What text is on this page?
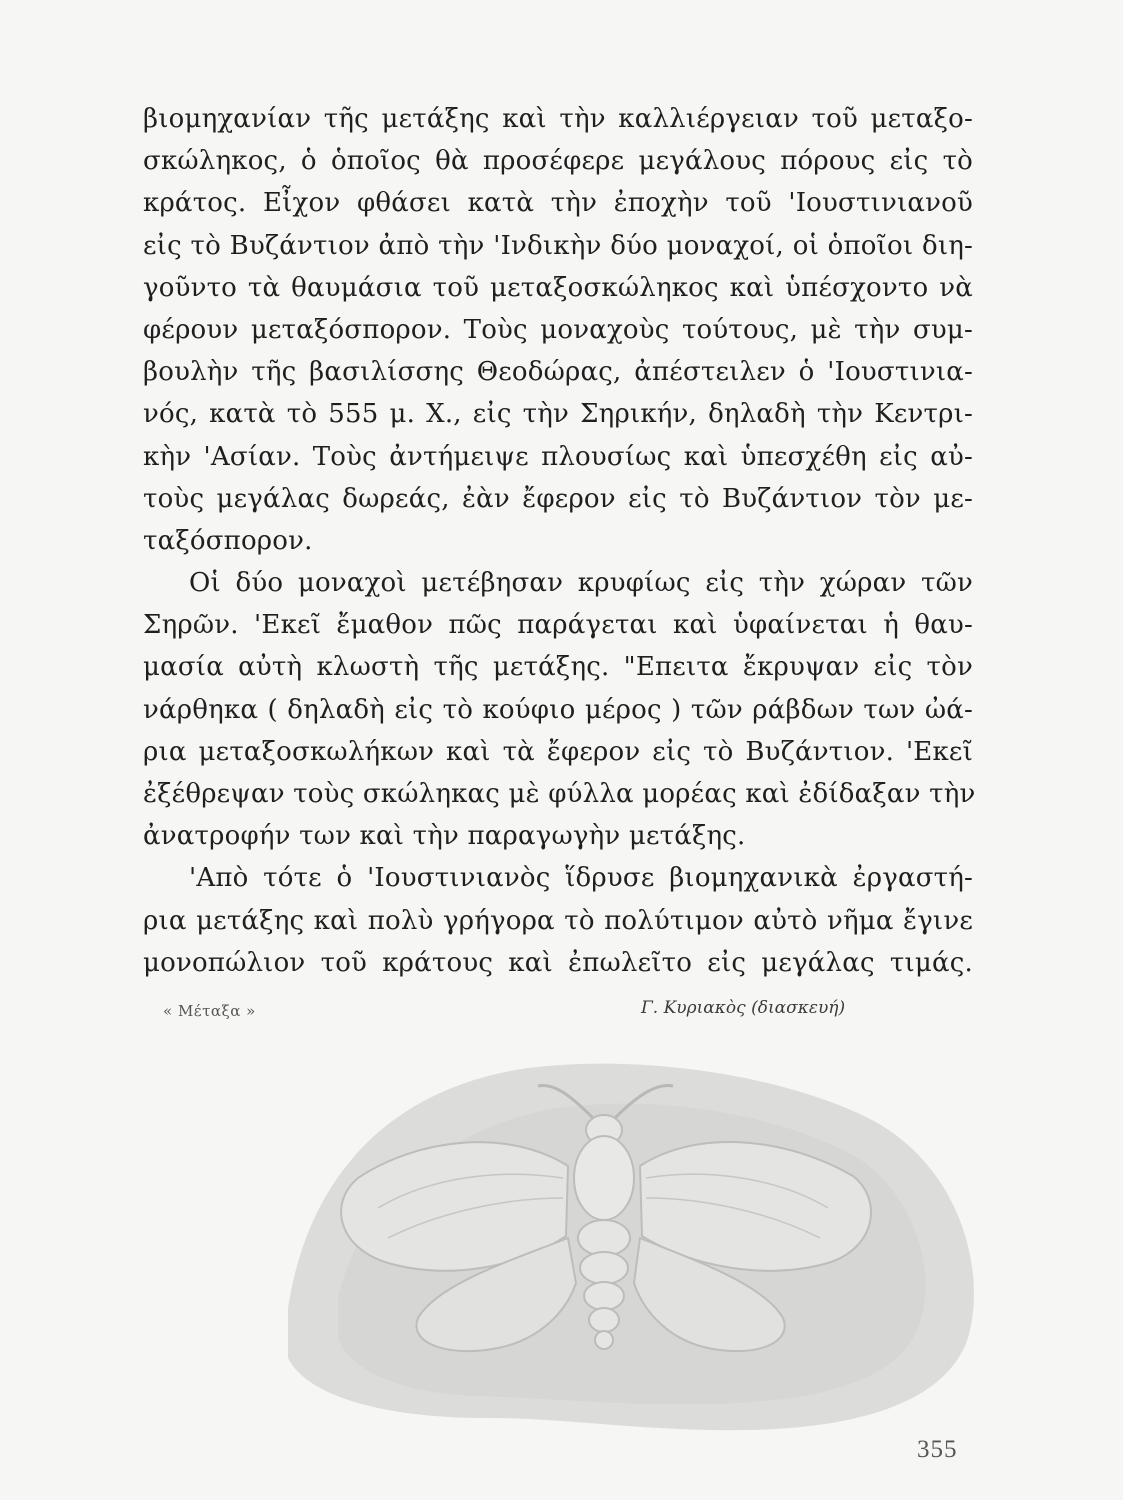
βιομηχανίαν τῆς μετάξης καὶ τὴν καλλιέργειαν τοῦ μεταξο-
σκώληκος, ὁ ὁποῖος θὰ προσέφερε μεγάλους πόρους εἰς τὸ
κράτος. Εἶχον φθάσει κατὰ τὴν ἐποχὴν τοῦ 'Ιουστινιανοῦ
εἰς τὸ Βυζάντιον ἀπὸ τὴν 'Ινδικὴν δύο μοναχοί, οἱ ὁποῖοι διη-
γοῦντο τὰ θαυμάσια τοῦ μεταξοσκώληκος καὶ ὑπέσχοντο νὰ
φέρουν μεταξόσπορον. Τοὺς μοναχοὺς τούτους, μὲ τὴν συμ-
βουλὴν τῆς βασιλίσσης Θεοδώρας, ἀπέστειλεν ὁ 'Ιουστινια-
νός, κατὰ τὸ 555 μ. Χ., εἰς τὴν Σηρικήν, δηλαδὴ τὴν Κεντρι-
κὴν 'Ασίαν. Τοὺς ἀντήμειψε πλουσίως καὶ ὑπεσχέθη εἰς αὐ-
τοὺς μεγάλας δωρεάς, ἐὰν ἔφερον εἰς τὸ Βυζάντιον τὸν με-
ταξόσπορον.
Οἱ δύο μοναχοὶ μετέβησαν κρυφίως εἰς τὴν χώραν τῶν
Σηρῶν. 'Εκεῖ ἔμαθον πῶς παράγεται καὶ ὑφαίνεται ἡ θαυ-
μασία αὐτὴ κλωστὴ τῆς μετάξης. "Επειτα ἔκρυψαν εἰς τὸν
νάρθηκα ( δηλαδὴ εἰς τὸ κούφιο μέρος ) τῶν ράβδων των ὠά-
ρια μεταξοσκωλήκων καὶ τὰ ἔφερον εἰς τὸ Βυζάντιον. 'Εκεῖ
ἐξέθρεψαν τοὺς σκώληκας μὲ φύλλα μορέας καὶ ἐδίδαξαν τὴν
ἀνατροφήν των καὶ τὴν παραγωγὴν μετάξης.
'Απὸ τότε ὁ 'Ιουστινιανὸς ἵδρυσε βιομηχανικὰ ἐργαστή-
ρια μετάξης καὶ πολὺ γρήγορα τὸ πολύτιμον αὐτὸ νῆμα ἔγινε
μονοπώλιον τοῦ κράτους καὶ ἐπωλεῖτο εἰς μεγάλας τιμάς.
« Μέταξα »	Γ. Κυριακὸς (διασκευή)
355
